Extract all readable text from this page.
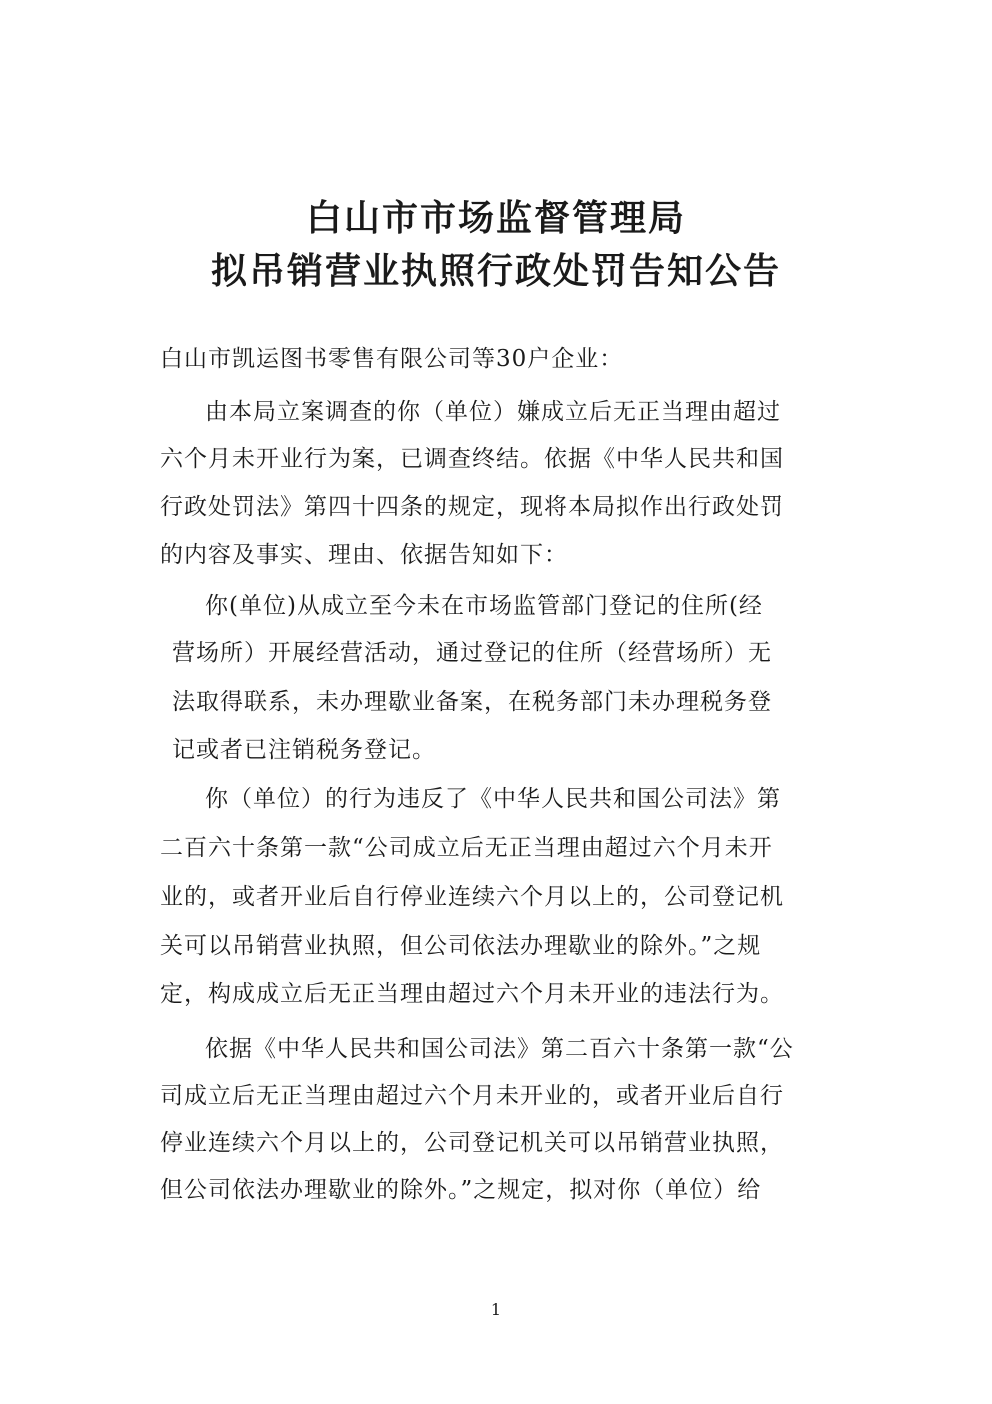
白山市市场监督管理局
拟吊销营业执照行政处罚告知公告
白山市凯运图书零售有限公司等30户企业：
由本局立案调查的你（单位）嫌成立后无正当理由超过
六个月未开业行为案，已调查终结。依据《中华人民共和国
行政处罚法》第四十四条的规定，现将本局拟作出行政处罚
的内容及事实、理由、依据告知如下：
你(单位)从成立至今未在市场监管部门登记的住所(经
营场所）开展经营活动，通过登记的住所（经营场所）无
法取得联系，未办理歇业备案，在税务部门未办理税务登
记或者已注销税务登记。
你（单位）的行为违反了《中华人民共和国公司法》第
二百六十条第一款“公司成立后无正当理由超过六个月未开
业的，或者开业后自行停业连续六个月以上的，公司登记机
关可以吊销营业执照，但公司依法办理歇业的除外。”之规
定，构成成立后无正当理由超过六个月未开业的违法行为。
依据《中华人民共和国公司法》第二百六十条第一款“公
司成立后无正当理由超过六个月未开业的，或者开业后自行
停业连续六个月以上的，公司登记机关可以吊销营业执照，
但公司依法办理歇业的除外。”之规定，拟对你（单位）给
1
